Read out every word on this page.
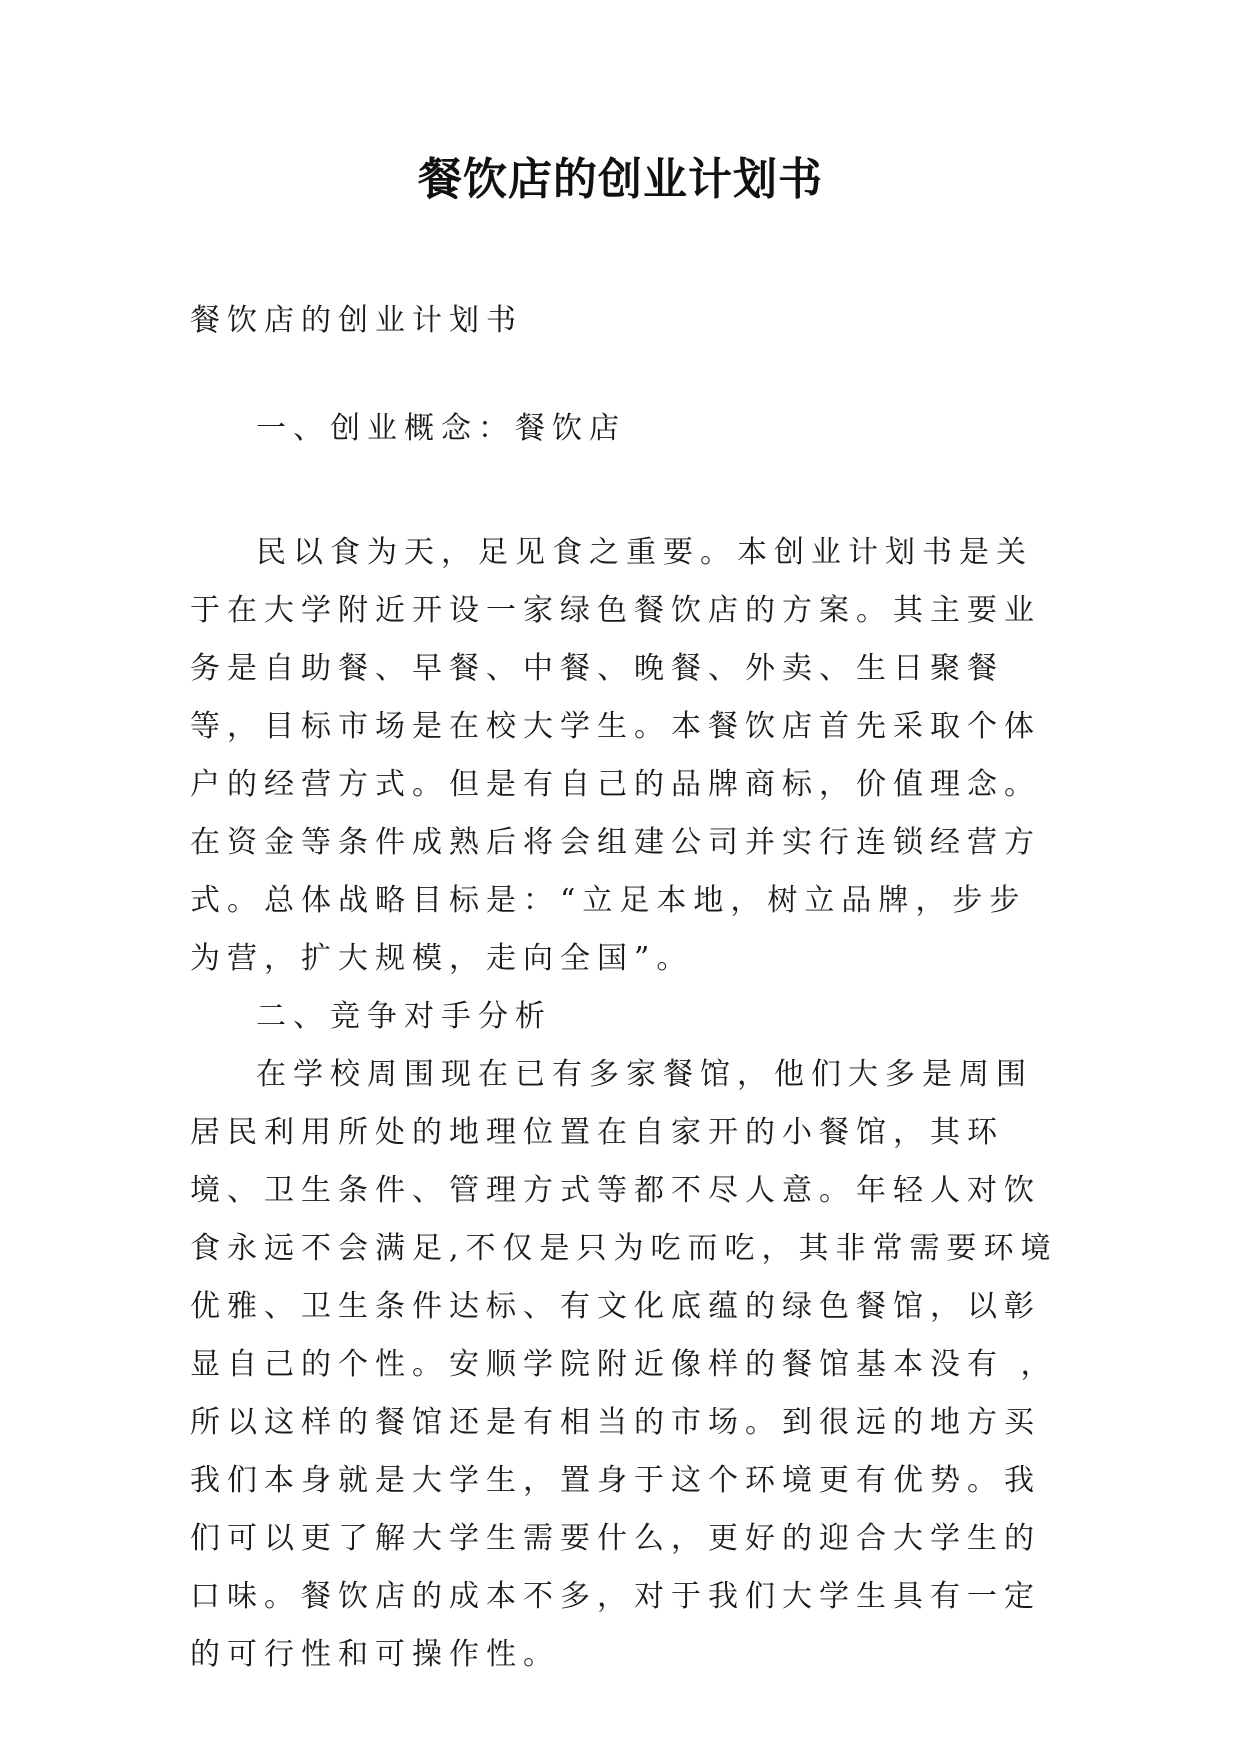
餐饮店的创业计划书

餐饮店的创业计划书

一、创业概念：餐饮店

民以食为天，足见食之重要。本创业计划书是关于在大学附近开设一家绿色餐饮店的方案。其主要业务是自助餐、早餐、中餐、晚餐、外卖、生日聚餐等，目标市场是在校大学生。本餐饮店首先采取个体户的经营方式。但是有自己的品牌商标，价值理念。在资金等条件成熟后将会组建公司并实行连锁经营方式。总体战略目标是：“立足本地，树立品牌，步步为营，扩大规模，走向全国”。

二、竞争对手分析

在学校周围现在已有多家餐馆，他们大多是周围居民利用所处的地理位置在自家开的小餐馆，其环境、卫生条件、管理方式等都不尽人意。年轻人对饮食永远不会满足,不仅是只为吃而吃，其非常需要环境优雅、卫生条件达标、有文化底蕴的绿色餐馆，以彰显自己的个性。安顺学院附近像样的餐馆基本没有 ，所以这样的餐馆还是有相当的市场。到很远的地方买我们本身就是大学生，置身于这个环境更有优势。我们可以更了解大学生需要什么，更好的迎合大学生的口味。餐饮店的成本不多，对于我们大学生具有一定的可行性和可操作性。
